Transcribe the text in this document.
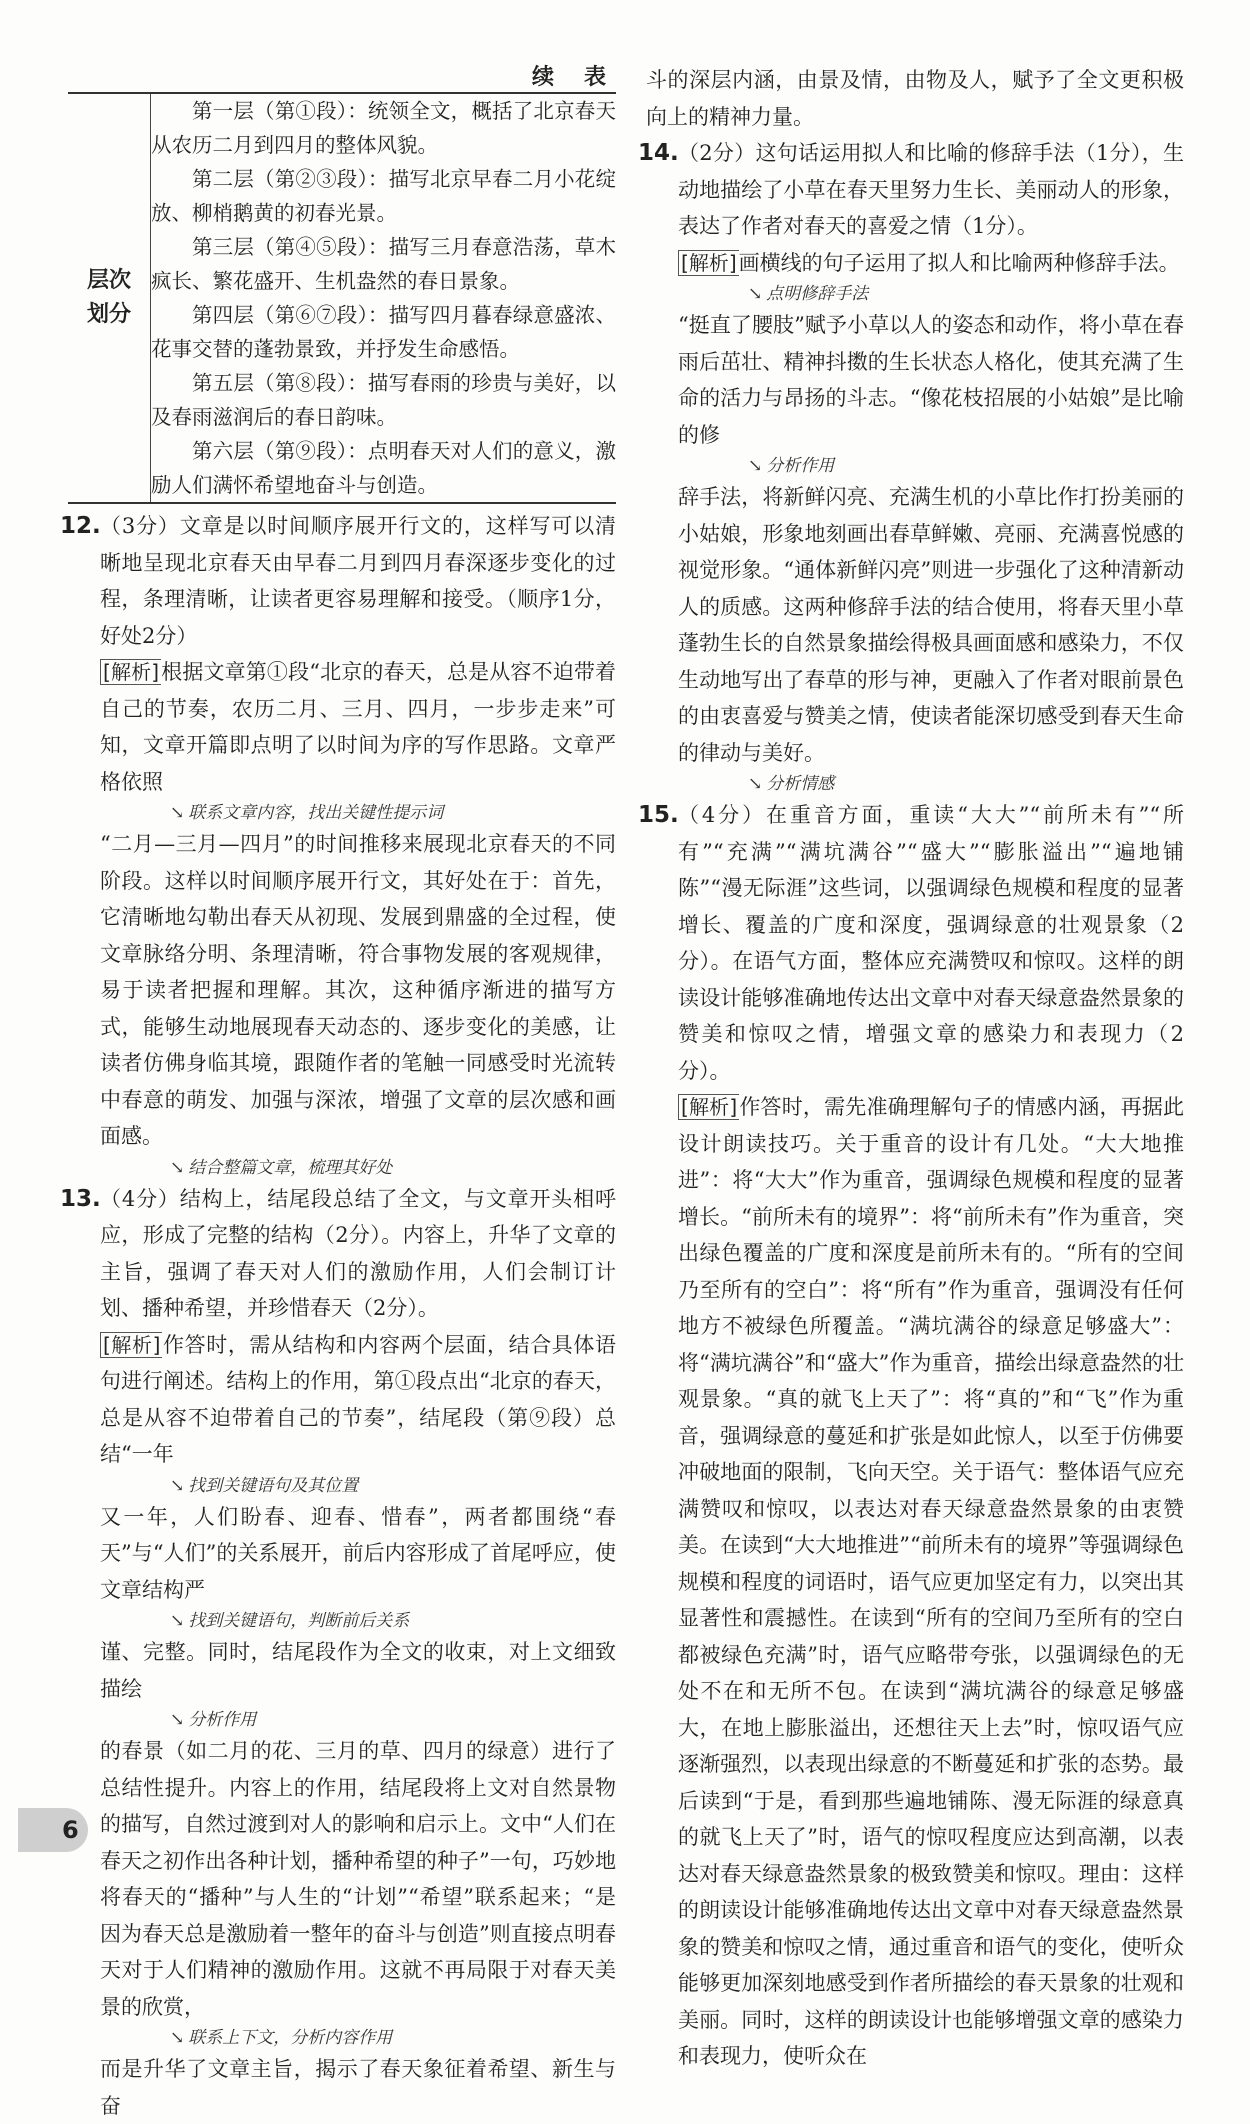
续　表
层次
划分

第一层（第①段）：统领全文，概括了北京春天从农历二月到四月的整体风貌。
第二层（第②③段）：描写北京早春二月小花绽放、柳梢鹅黄的初春光景。
第三层（第④⑤段）：描写三月春意浩荡，草木疯长、繁花盛开、生机盎然的春日景象。
第四层（第⑥⑦段）：描写四月暮春绿意盛浓、花事交替的蓬勃景致，并抒发生命感悟。
第五层（第⑧段）：描写春雨的珍贵与美好，以及春雨滋润后的春日韵味。
第六层（第⑨段）：点明春天对人们的意义，激励人们满怀希望地奋斗与创造。
12. （3分）文章是以时间顺序展开行文的，这样写可以清晰地呈现北京春天由早春二月到四月春深逐步变化的过程，条理清晰，让读者更容易理解和接受。（顺序1分，好处2分）
[解析]根据文章第①段“北京的春天，总是从容不迫带着自己的节奏，农历二月、三月、四月，一步步走来”可知，文章开篇即点明了以时间为序的写作思路。文章严格依照
↘ 联系文章内容，找出关键性提示词
“二月—三月—四月”的时间推移来展现北京春天的不同阶段。这样以时间顺序展开行文，其好处在于：首先，它清晰地勾勒出春天从初现、发展到鼎盛的全过程，使文章脉络分明、条理清晰，符合事物发展的客观规律，易于读者把握和理解。其次，这种循序渐进的描写方式，能够生动地展现春天动态的、逐步变化的美感，让读者仿佛身临其境，跟随作者的笔触一同感受时光流转中春意的萌发、加强与深浓，增强了文章的层次感和画面感。
↘ 结合整篇文章，梳理其好处
13. （4分）结构上，结尾段总结了全文，与文章开头相呼应，形成了完整的结构（2分）。内容上，升华了文章的主旨，强调了春天对人们的激励作用，人们会制订计划、播种希望，并珍惜春天（2分）。
[解析]作答时，需从结构和内容两个层面，结合具体语句进行阐述。结构上的作用，第①段点出“北京的春天，总是从容不迫带着自己的节奏”，结尾段（第⑨段）总结“一年
↘ 找到关键语句及其位置
又一年，人们盼春、迎春、惜春”，两者都围绕“春天”与“人们”的关系展开，前后内容形成了首尾呼应，使文章结构严
↘ 找到关键语句，判断前后关系
谨、完整。同时，结尾段作为全文的收束，对上文细致描绘
↘ 分析作用
的春景（如二月的花、三月的草、四月的绿意）进行了总结性提升。内容上的作用，结尾段将上文对自然景物的描写，自然过渡到对人的影响和启示上。文中“人们在春天之初作出各种计划，播种希望的种子”一句，巧妙地将春天的“播种”与人生的“计划”“希望”联系起来；“是因为春天总是激励着一整年的奋斗与创造”则直接点明春天对于人们精神的激励作用。这就不再局限于对春天美景的欣赏，
↘ 联系上下文，分析内容作用
而是升华了文章主旨，揭示了春天象征着希望、新生与奋
斗的深层内涵，由景及情，由物及人，赋予了全文更积极向上的精神力量。
14. （2分）这句话运用拟人和比喻的修辞手法（1分），生动地描绘了小草在春天里努力生长、美丽动人的形象，表达了作者对春天的喜爱之情（1分）。
[解析]画横线的句子运用了拟人和比喻两种修辞手法。
↘ 点明修辞手法
“挺直了腰肢”赋予小草以人的姿态和动作，将小草在春雨后茁壮、精神抖擞的生长状态人格化，使其充满了生命的活力与昂扬的斗志。“像花枝招展的小姑娘”是比喻的修
↘ 分析作用
辞手法，将新鲜闪亮、充满生机的小草比作打扮美丽的小姑娘，形象地刻画出春草鲜嫩、亮丽、充满喜悦感的视觉形象。“通体新鲜闪亮”则进一步强化了这种清新动人的质感。这两种修辞手法的结合使用，将春天里小草蓬勃生长的自然景象描绘得极具画面感和感染力，不仅生动地写出了春草的形与神，更融入了作者对眼前景色的由衷喜爱与赞美之情，使读者能深切感受到春天生命的律动与美好。
↘ 分析情感
15. （4分）在重音方面，重读“大大”“前所未有”“所有”“充满”“满坑满谷”“盛大”“膨胀溢出”“遍地铺陈”“漫无际涯”这些词，以强调绿色规模和程度的显著增长、覆盖的广度和深度，强调绿意的壮观景象（2分）。在语气方面，整体应充满赞叹和惊叹。这样的朗读设计能够准确地传达出文章中对春天绿意盎然景象的赞美和惊叹之情，增强文章的感染力和表现力（2分）。
[解析]作答时，需先准确理解句子的情感内涵，再据此设计朗读技巧。关于重音的设计有几处。“大大地推进”：将“大大”作为重音，强调绿色规模和程度的显著增长。“前所未有的境界”：将“前所未有”作为重音，突出绿色覆盖的广度和深度是前所未有的。“所有的空间乃至所有的空白”：将“所有”作为重音，强调没有任何地方不被绿色所覆盖。“满坑满谷的绿意足够盛大”：将“满坑满谷”和“盛大”作为重音，描绘出绿意盎然的壮观景象。“真的就飞上天了”：将“真的”和“飞”作为重音，强调绿意的蔓延和扩张是如此惊人，以至于仿佛要冲破地面的限制，飞向天空。关于语气：整体语气应充满赞叹和惊叹，以表达对春天绿意盎然景象的由衷赞美。在读到“大大地推进”“前所未有的境界”等强调绿色规模和程度的词语时，语气应更加坚定有力，以突出其显著性和震撼性。在读到“所有的空间乃至所有的空白都被绿色充满”时，语气应略带夸张，以强调绿色的无处不在和无所不包。在读到“满坑满谷的绿意足够盛大，在地上膨胀溢出，还想往天上去”时，惊叹语气应逐渐强烈，以表现出绿意的不断蔓延和扩张的态势。最后读到“于是，看到那些遍地铺陈、漫无际涯的绿意真的就飞上天了”时，语气的惊叹程度应达到高潮，以表达对春天绿意盎然景象的极致赞美和惊叹。理由：这样的朗读设计能够准确地传达出文章中对春天绿意盎然景象的赞美和惊叹之情，通过重音和语气的变化，使听众能够更加深刻地感受到作者所描绘的春天景象的壮观和美丽。同时，这样的朗读设计也能够增强文章的感染力和表现力，使听众在
6
